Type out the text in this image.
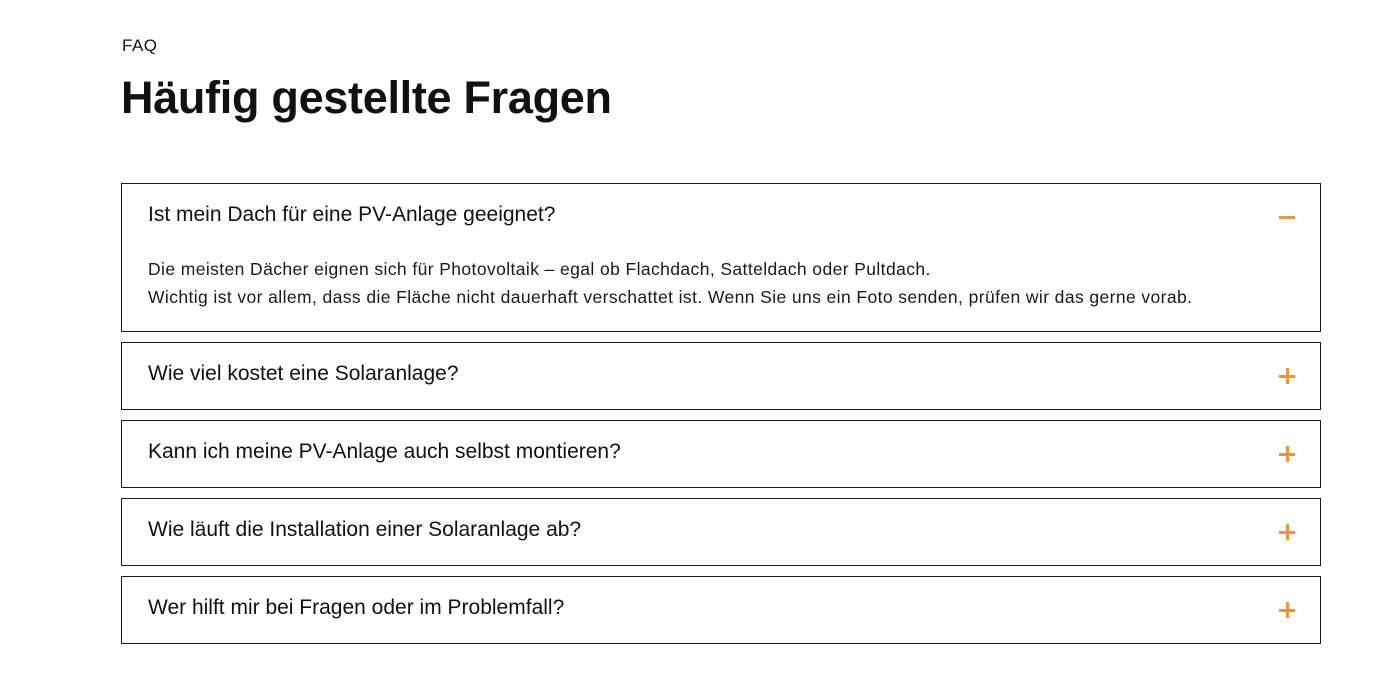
FAQ
Häufig gestellte Fragen
Ist mein Dach für eine PV-Anlage geeignet?

Die meisten Dächer eignen sich für Photovoltaik – egal ob Flachdach, Satteldach oder Pultdach.

Wichtig ist vor allem, dass die Fläche nicht dauerhaft verschattet ist. Wenn Sie uns ein Foto senden, prüfen wir das gerne vorab.

Wie viel kostet eine Solaranlage?
Kann ich meine PV-Anlage auch selbst montieren?
Wie läuft die Installation einer Solaranlage ab?
Wer hilft mir bei Fragen oder im Problemfall?
